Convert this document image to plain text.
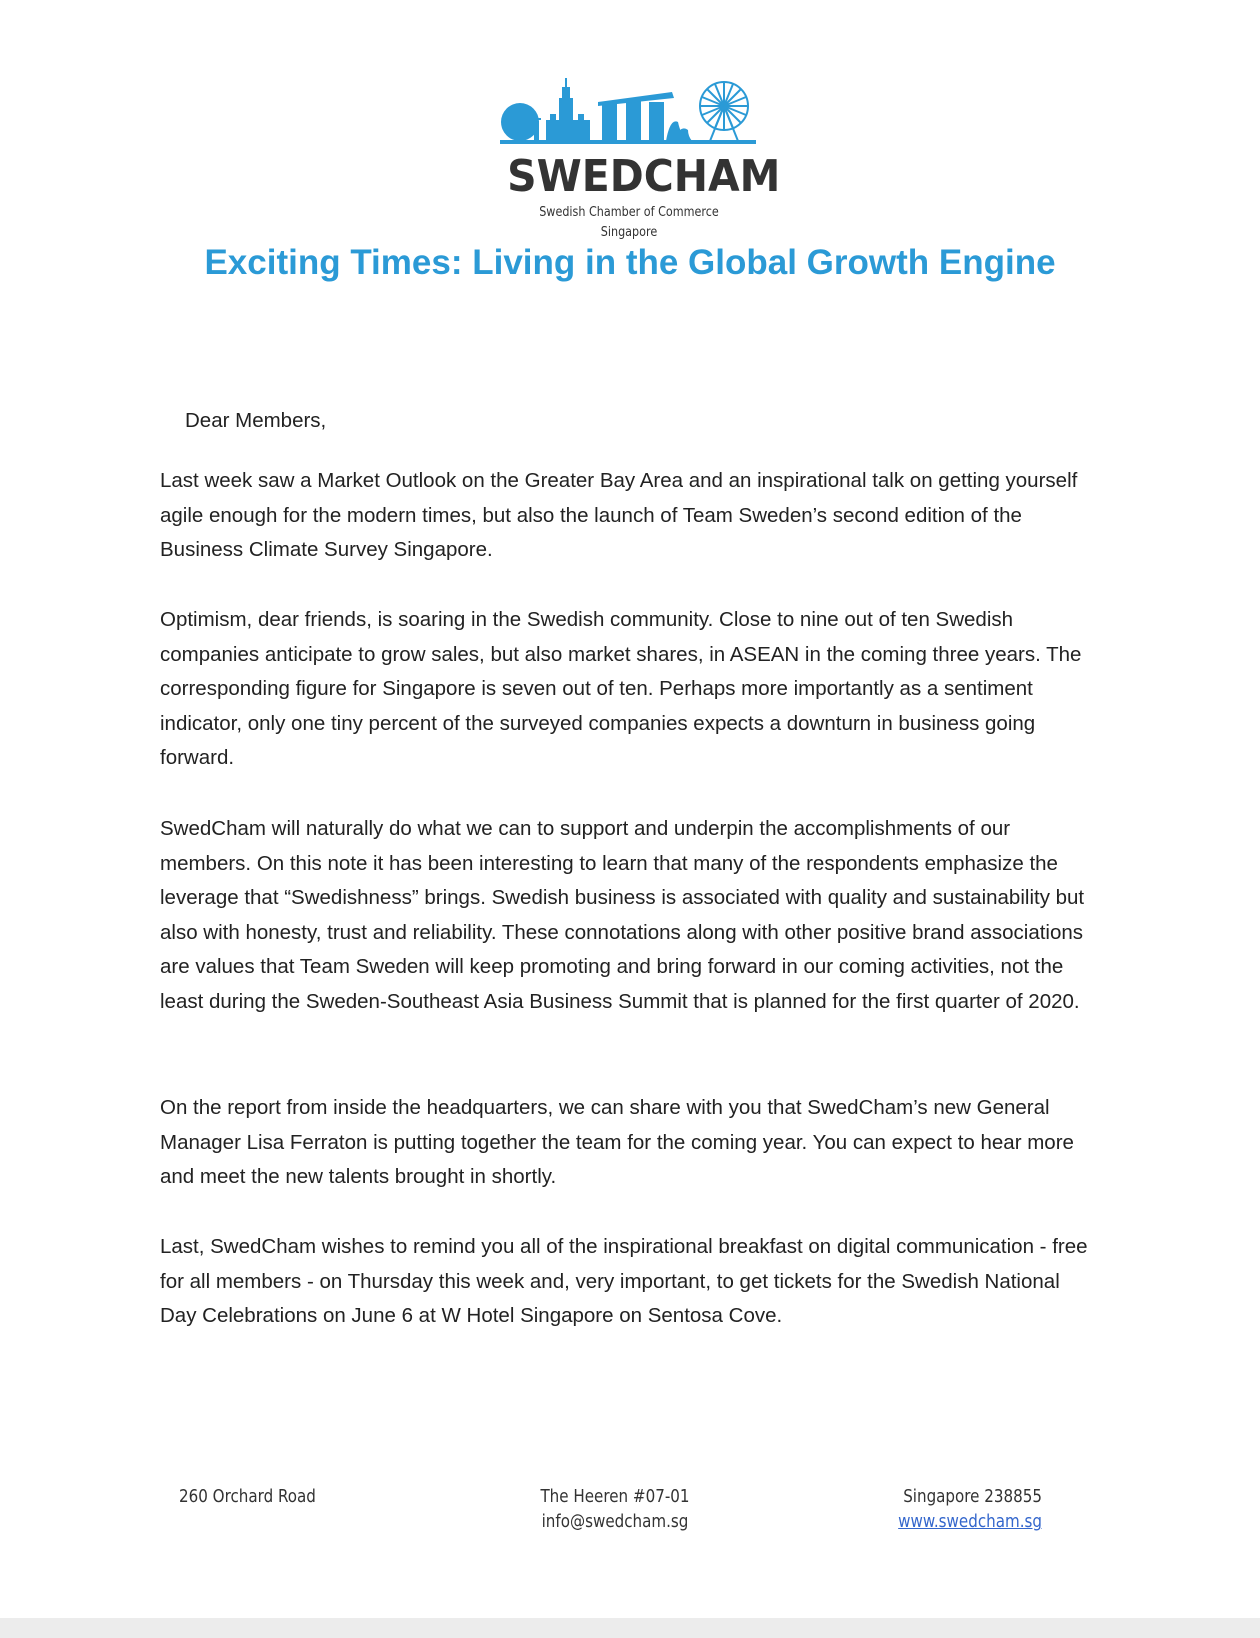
SWEDCHAM
Swedish Chamber of Commerce Singapore
Exciting Times: Living in the Global Growth Engine

Dear Members,

Last week saw a Market Outlook on the Greater Bay Area and an inspirational talk on getting yourself agile enough for the modern times, but also the launch of Team Sweden’s second edition of the Business Climate Survey Singapore.

Optimism, dear friends, is soaring in the Swedish community. Close to nine out of ten Swedish companies anticipate to grow sales, but also market shares, in ASEAN in the coming three years. The corresponding figure for Singapore is seven out of ten. Perhaps more importantly as a sentiment indicator, only one tiny percent of the surveyed companies expects a downturn in business going forward.

SwedCham will naturally do what we can to support and underpin the accomplishments of our members. On this note it has been interesting to learn that many of the respondents emphasize the leverage that “Swedishness” brings. Swedish business is associated with quality and sustainability but also with honesty, trust and reliability. These connotations along with other positive brand associations are values that Team Sweden will keep promoting and bring forward in our coming activities, not the least during the Sweden-Southeast Asia Business Summit that is planned for the first quarter of 2020.

On the report from inside the headquarters, we can share with you that SwedCham’s new General Manager Lisa Ferraton is putting together the team for the coming year. You can expect to hear more and meet the new talents brought in shortly.

Last, SwedCham wishes to remind you all of the inspirational breakfast on digital communication - free for all members - on Thursday this week and, very important, to get tickets for the Swedish National Day Celebrations on June 6 at W Hotel Singapore on Sentosa Cove.

260 Orchard Road	The Heeren #07-01
info@swedcham.sg
Singapore 238855
www.swedcham.sg
